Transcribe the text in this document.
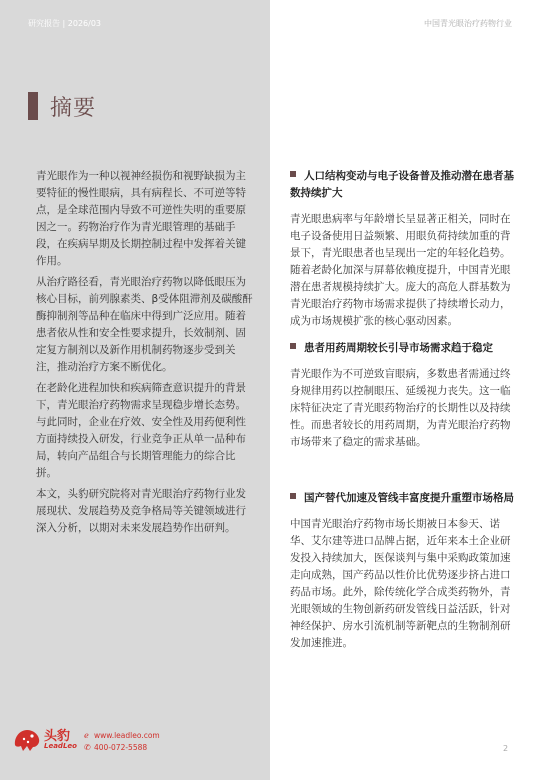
研究报告 | 2026/03	中国青光眼治疗药物行业
摘要

青光眼作为一种以视神经损伤和视野缺损为主要特征的慢性眼病，具有病程长、不可逆等特点，是全球范围内导致不可逆性失明的重要原因之一。药物治疗作为青光眼管理的基础手段，在疾病早期及长期控制过程中发挥着关键作用。

从治疗路径看，青光眼治疗药物以降低眼压为核心目标，前列腺素类、β受体阻滞剂及碳酸酐酶抑制剂等品种在临床中得到广泛应用。随着患者依从性和安全性要求提升，长效制剂、固定复方制剂以及新作用机制药物逐步受到关注，推动治疗方案不断优化。

在老龄化进程加快和疾病筛查意识提升的背景下，青光眼治疗药物需求呈现稳步增长态势。与此同时，企业在疗效、安全性及用药便利性方面持续投入研发，行业竞争正从单一品种布局，转向产品组合与长期管理能力的综合比拼。

本文，头豹研究院将对青光眼治疗药物行业发展现状、发展趋势及竞争格局等关键领域进行深入分析，以期对未来发展趋势作出研判。

人口结构变动与电子设备普及推动潜在患者基数持续扩大

青光眼患病率与年龄增长呈显著正相关，同时在电子设备使用日益频繁、用眼负荷持续加重的背景下，青光眼患者也呈现出一定的年轻化趋势。随着老龄化加深与屏幕依赖度提升，中国青光眼潜在患者规模持续扩大。庞大的高危人群基数为青光眼治疗药物市场需求提供了持续增长动力，成为市场规模扩张的核心驱动因素。

患者用药周期较长引导市场需求趋于稳定

青光眼作为不可逆致盲眼病，多数患者需通过终身规律用药以控制眼压、延缓视力丧失。这一临床特征决定了青光眼药物治疗的长期性以及持续性。而患者较长的用药周期，为青光眼治疗药物市场带来了稳定的需求基础。

国产替代加速及管线丰富度提升重塑市场格局

中国青光眼治疗药物市场长期被日本参天、诺华、艾尔建等进口品牌占据，近年来本土企业研发投入持续加大，医保谈判与集中采购政策加速走向成熟，国产药品以性价比优势逐步挤占进口药品市场。此外，除传统化学合成类药物外，青光眼领域的生物创新药研发管线日益活跃，针对神经保护、房水引流机制等新靶点的生物制剂研发加速推进。

头豹
LeadLeo
ℯ www.leadleo.com
✆ 400-072-5588	2
